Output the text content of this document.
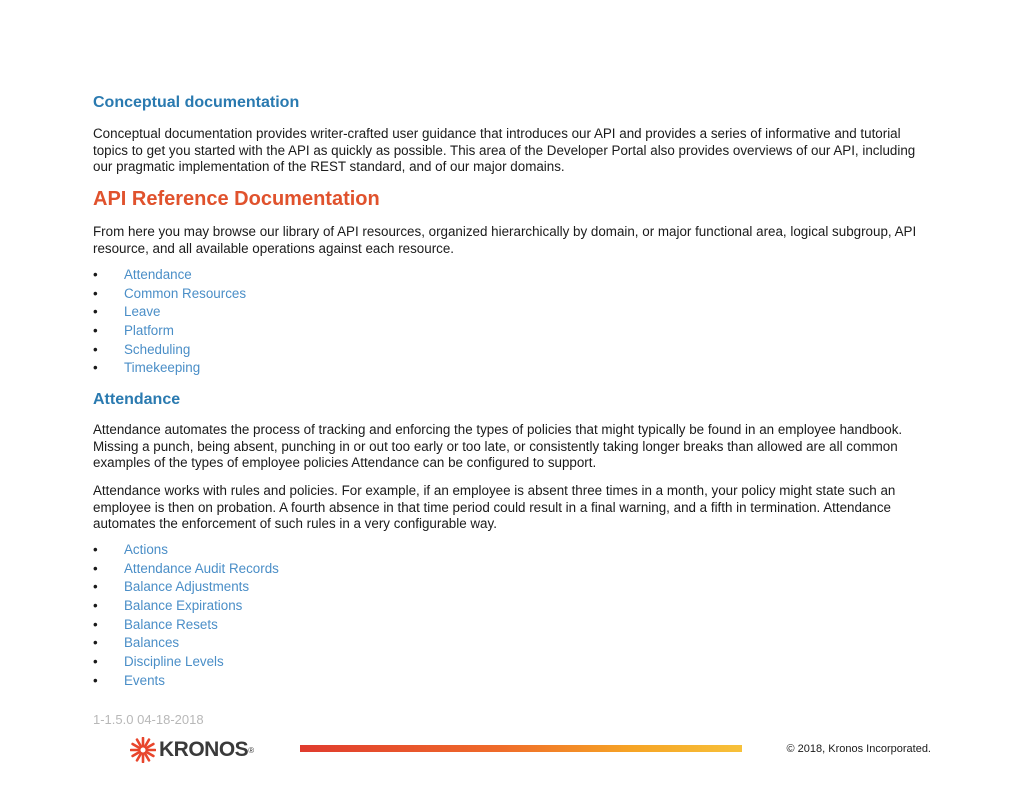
Conceptual documentation

Conceptual documentation provides writer-crafted user guidance that introduces our API and provides a series of informative and tutorial topics to get you started with the API as quickly as possible. This area of the Developer Portal also provides overviews of our API, including our pragmatic implementation of the REST standard, and of our major domains.

API Reference Documentation

From here you may browse our library of API resources, organized hierarchically by domain, or major functional area, logical subgroup, API resource, and all available operations against each resource.

• Attendance
• Common Resources
• Leave
• Platform
• Scheduling
• Timekeeping
Attendance

Attendance automates the process of tracking and enforcing the types of policies that might typically be found in an employee handbook. Missing a punch, being absent, punching in or out too early or too late, or consistently taking longer breaks than allowed are all common examples of the types of employee policies Attendance can be configured to support.

Attendance works with rules and policies. For example, if an employee is absent three times in a month, your policy might state such an employee is then on probation. A fourth absence in that time period could result in a final warning, and a fifth in termination. Attendance automates the enforcement of such rules in a very configurable way.

• Actions
• Attendance Audit Records
• Balance Adjustments
• Balance Expirations
• Balance Resets
• Balances
• Discipline Levels
• Events
1-1.5.0 04-18-2018
KRONOS ®	© 2018, Kronos Incorporated.
